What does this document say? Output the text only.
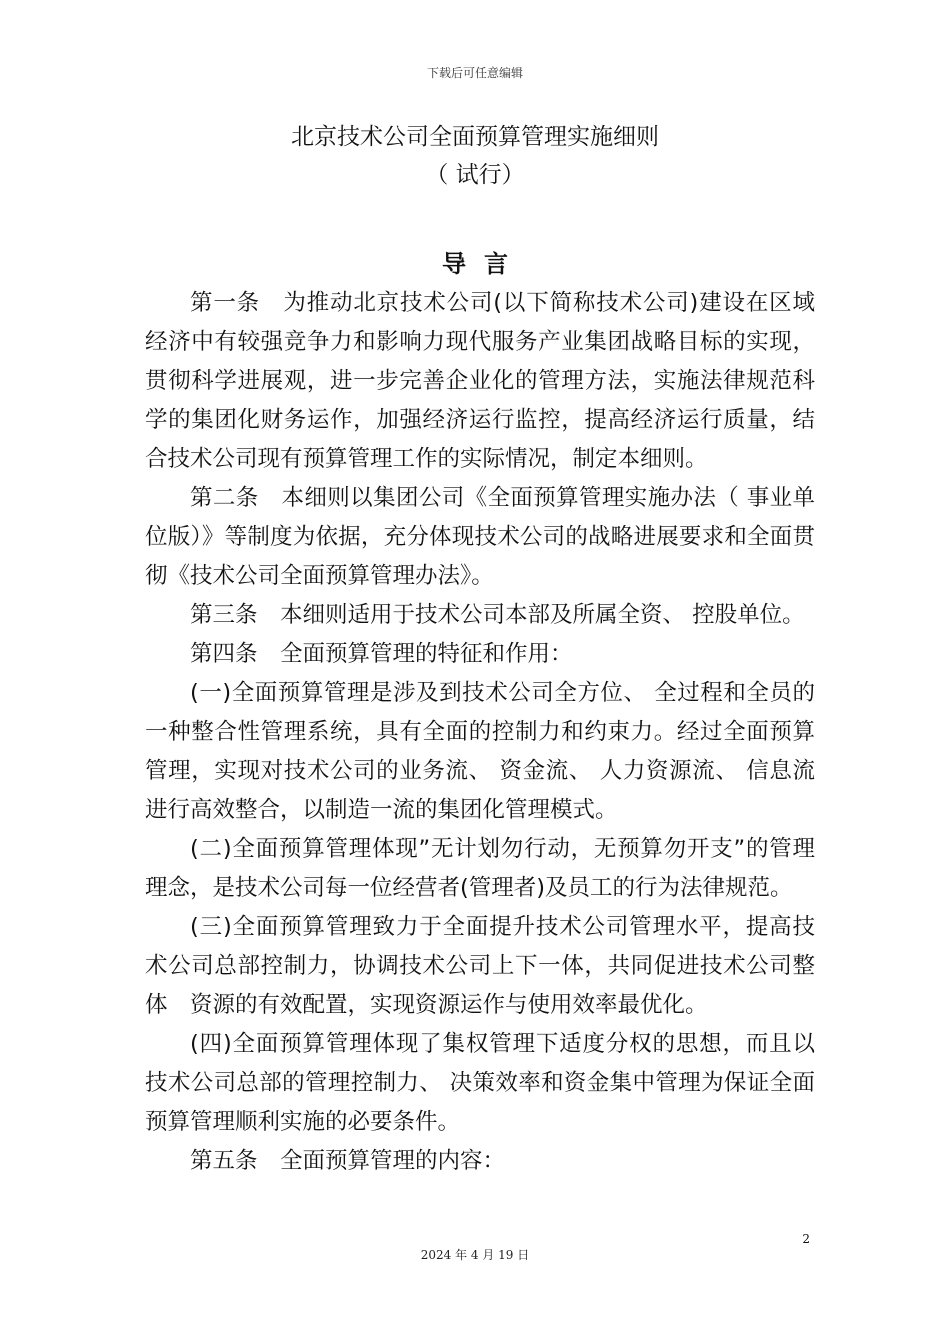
下载后可任意编辑
北京技术公司全面预算管理实施细则
（ 试行）
导言

第一条　为推动北京技术公司(以下简称技术公司)建设在区域经济中有较强竞争力和影响力现代服务产业集团战略目标的实现，贯彻科学进展观，进一步完善企业化的管理方法，实施法律规范科学的集团化财务运作，加强经济运行监控，提高经济运行质量，结合技术公司现有预算管理工作的实际情况，制定本细则。

第二条　本细则以集团公司《全面预算管理实施办法（ 事业单位版）》等制度为依据，充分体现技术公司的战略进展要求和全面贯彻《技术公司全面预算管理办法》。

第三条　本细则适用于技术公司本部及所属全资、 控股单位。

第四条　全面预算管理的特征和作用：

(一)全面预算管理是涉及到技术公司全方位、 全过程和全员的一种整合性管理系统，具有全面的控制力和约束力。经过全面预算管理，实现对技术公司的业务流、 资金流、 人力资源流、 信息流进行高效整合，以制造一流的集团化管理模式。

(二)全面预算管理体现”无计划勿行动，无预算勿开支”的管理理念，是技术公司每一位经营者(管理者)及员工的行为法律规范。

(三)全面预算管理致力于全面提升技术公司管理水平，提高技术公司总部控制力，协调技术公司上下一体，共同促进技术公司整体　资源的有效配置，实现资源运作与使用效率最优化。

(四)全面预算管理体现了集权管理下适度分权的思想，而且以　技术公司总部的管理控制力、 决策效率和资金集中管理为保证全面预算管理顺利实施的必要条件。

第五条　全面预算管理的内容：

2
2024 年 4 月 19 日
